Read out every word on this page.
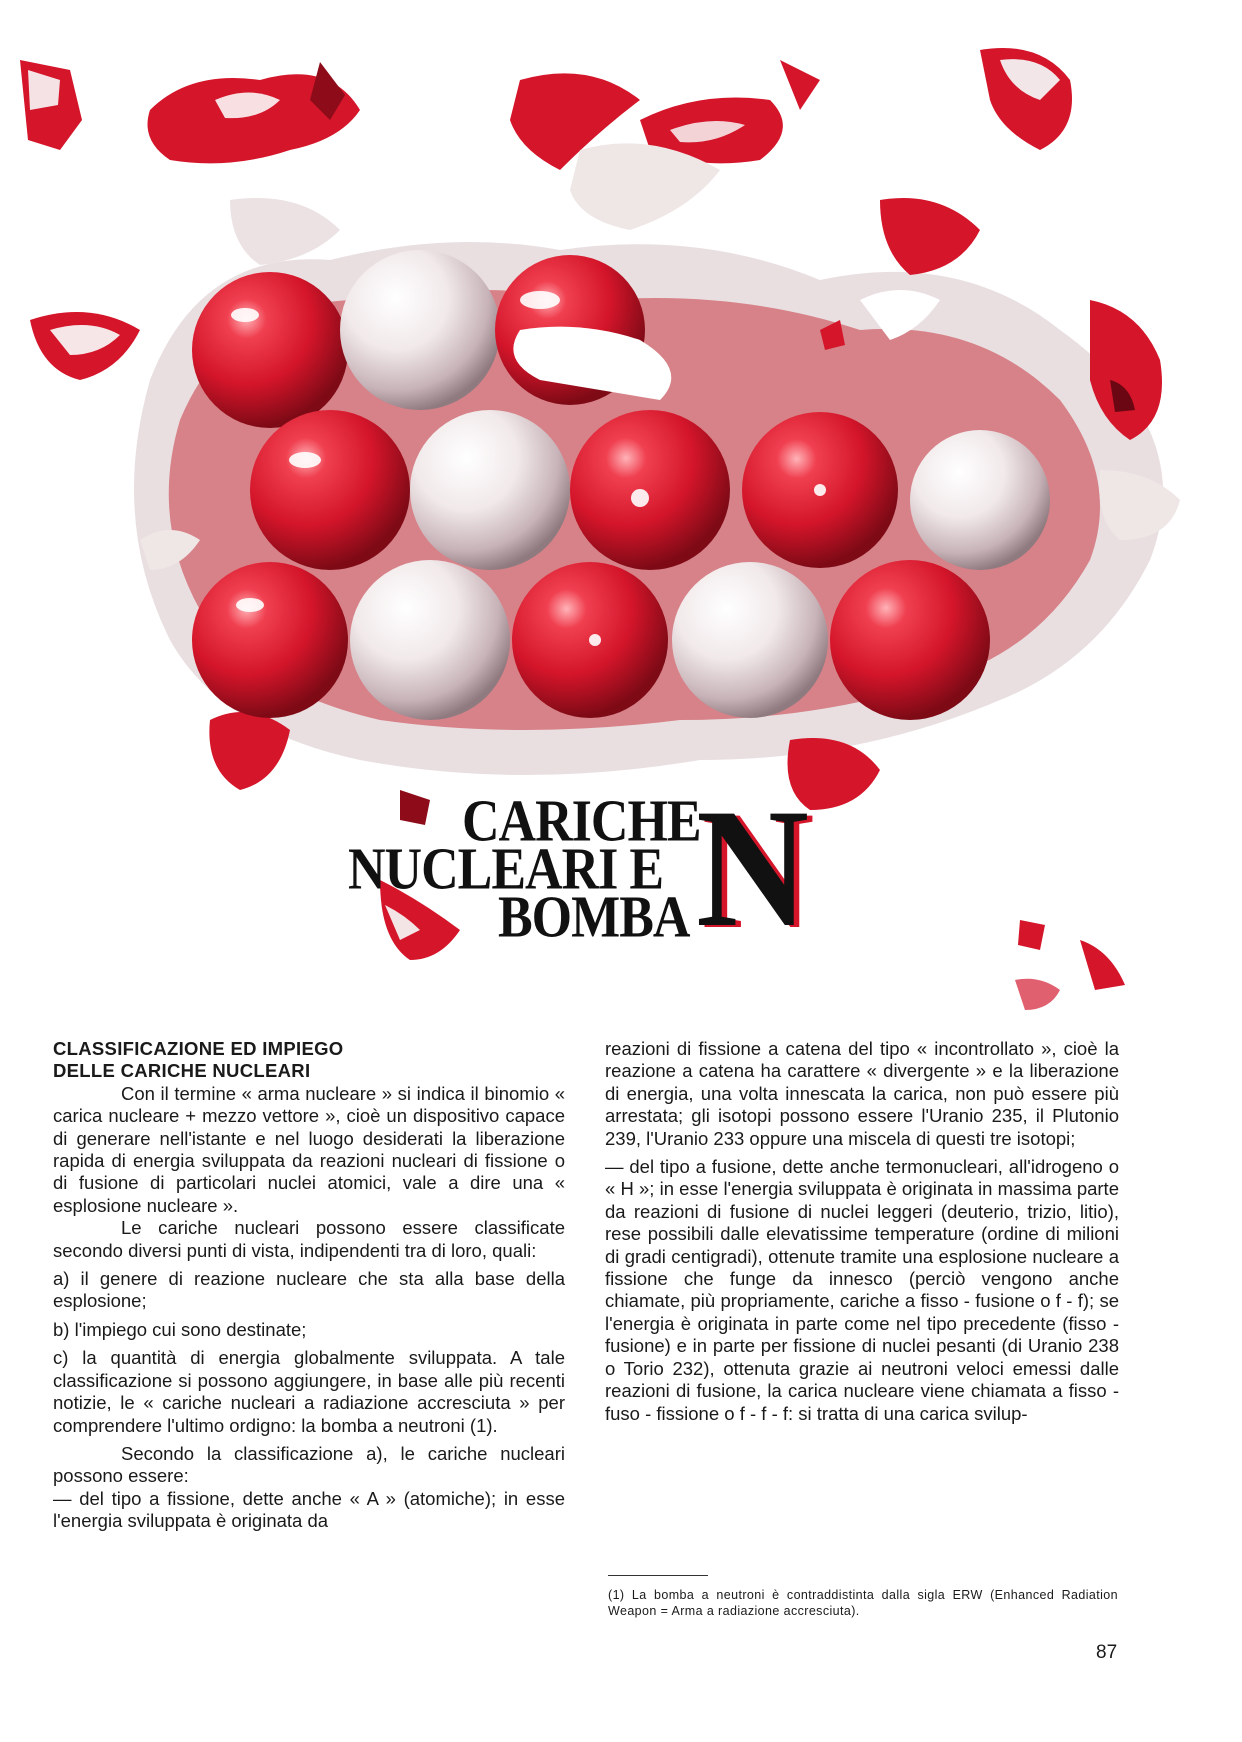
CARICHE
NUCLEARI E
BOMBA N

CLASSIFICAZIONE ED IMPIEGO

DELLE CARICHE NUCLEARI

Con il termine « arma nucleare » si indica il binomio « carica nucleare + mezzo vettore », cioè un dispositivo capace di generare nell'istante e nel luogo desiderati la liberazione rapida di energia sviluppata da reazioni nucleari di fissione o di fusione di particolari nuclei atomici, vale a dire una « esplosione nucleare ».

Le cariche nucleari possono essere classificate secondo diversi punti di vista, indipendenti tra di loro, quali:

a) il genere di reazione nucleare che sta alla base della esplosione;

b) l'impiego cui sono destinate;

c) la quantità di energia globalmente sviluppata. A tale classificazione si possono aggiungere, in base alle più recenti notizie, le « cariche nucleari a radiazione accresciuta » per comprendere l'ultimo ordigno: la bomba a neutroni (1).

Secondo la classificazione a), le cariche nucleari possono essere:

— del tipo a fissione, dette anche « A » (atomiche); in esse l'energia sviluppata è originata da

reazioni di fissione a catena del tipo « incontrollato », cioè la reazione a catena ha carattere « divergente » e la liberazione di energia, una volta innescata la carica, non può essere più arrestata; gli isotopi possono essere l'Uranio 235, il Plutonio 239, l'Uranio 233 oppure una miscela di questi tre isotopi;

— del tipo a fusione, dette anche termonucleari, all'idrogeno o « H »; in esse l'energia sviluppata è originata in massima parte da reazioni di fusione di nuclei leggeri (deuterio, trizio, litio), rese possibili dalle elevatissime temperature (ordine di milioni di gradi centigradi), ottenute tramite una esplosione nucleare a fissione che funge da innesco (perciò vengono anche chiamate, più propriamente, cariche a fisso - fusione o f - f); se l'energia è originata in parte come nel tipo precedente (fisso - fusione) e in parte per fissione di nuclei pesanti (di Uranio 238 o Torio 232), ottenuta grazie ai neutroni veloci emessi dalle reazioni di fusione, la carica nucleare viene chiamata a fisso - fuso - fissione o f - f - f: si tratta di una carica svilup-

(1) La bomba a neutroni è contraddistinta dalla sigla ERW (Enhanced Radiation Weapon = Arma a radiazione accresciuta).
87
